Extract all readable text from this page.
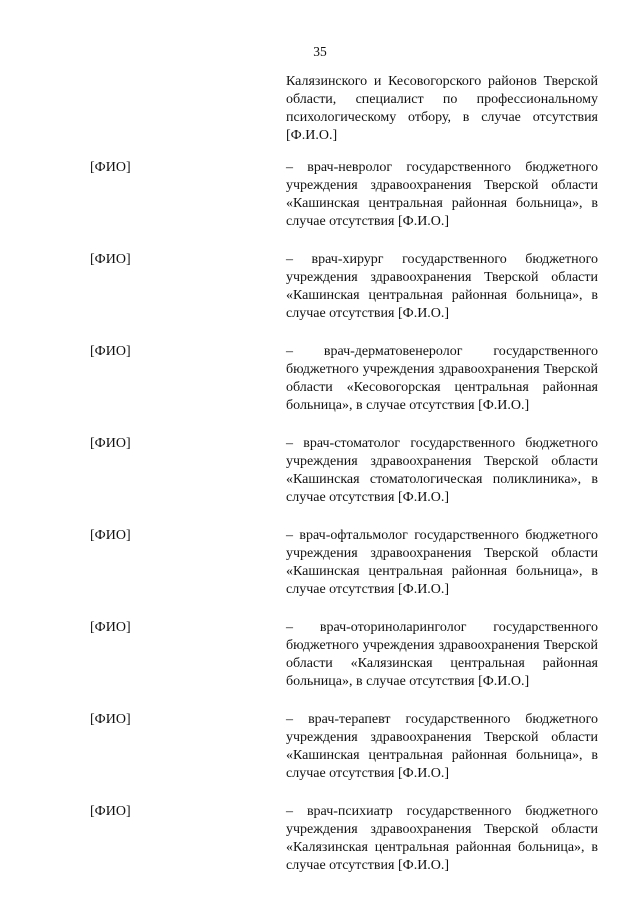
35
Калязинского и Кесовогорского районов Тверской области, специалист по профессиональному психологическому отбору, в случае отсутствия [Ф.И.О.]
[ФИО]	– врач-невролог государственного бюджетного учреждения здравоохранения Тверской области «Кашинская центральная районная больница», в случае отсутствия [Ф.И.О.]
[ФИО]	– врач-хирург государственного бюджетного учреждения здравоохранения Тверской области «Кашинская центральная районная больница», в случае отсутствия [Ф.И.О.]
[ФИО]	– врач-дерматовенеролог государственного бюджетного учреждения здравоохранения Тверской области «Кесовогорская центральная районная больница», в случае отсутствия [Ф.И.О.]
[ФИО]	– врач-стоматолог государственного бюджетного учреждения здравоохранения Тверской области «Кашинская стоматологическая поликлиника», в случае отсутствия [Ф.И.О.]
[ФИО]	– врач-офтальмолог государственного бюджетного учреждения здравоохранения Тверской области «Кашинская центральная районная больница», в случае отсутствия [Ф.И.О.]
[ФИО]	– врач-оториноларинголог государственного бюджетного учреждения здравоохранения Тверской области «Калязинская центральная районная больница», в случае отсутствия [Ф.И.О.]
[ФИО]	– врач-терапевт государственного бюджетного учреждения здравоохранения Тверской области «Кашинская центральная районная больница», в случае отсутствия [Ф.И.О.]
[ФИО]	– врач-психиатр государственного бюджетного учреждения здравоохранения Тверской области «Калязинская центральная районная больница», в случае отсутствия [Ф.И.О.]
